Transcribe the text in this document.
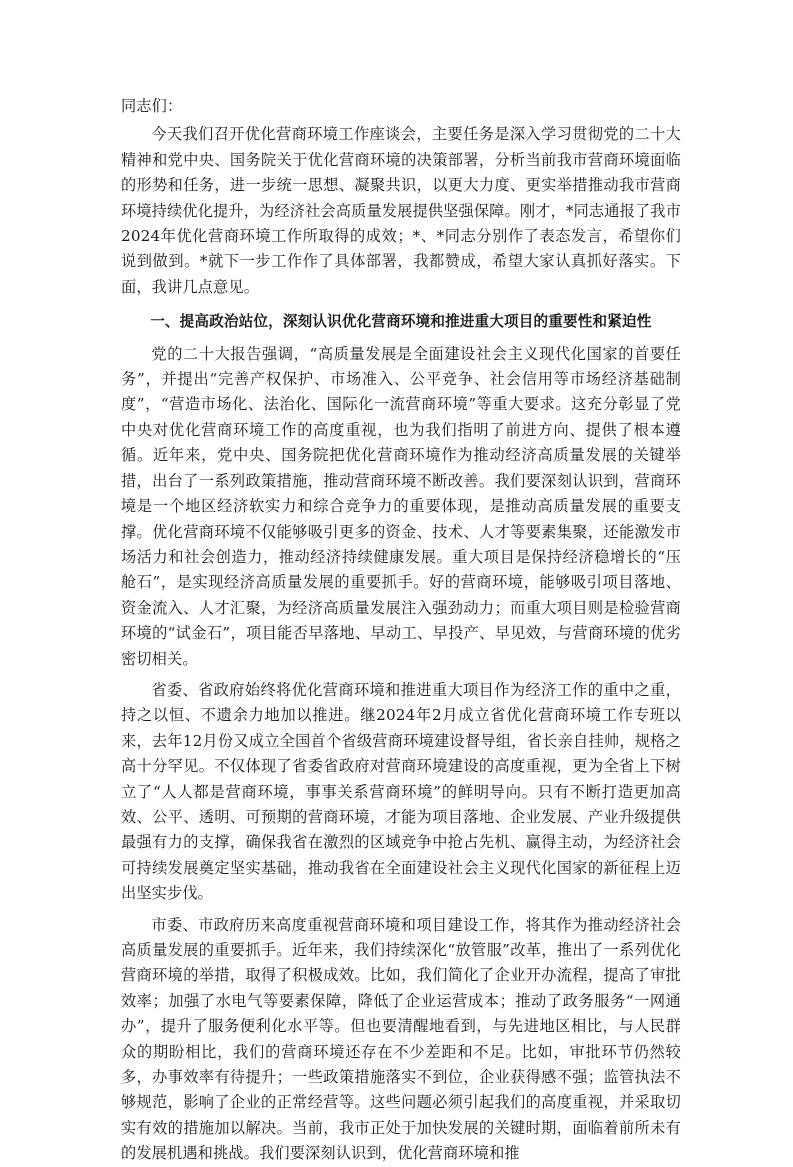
同志们：

今天我们召开优化营商环境工作座谈会，主要任务是深入学习贯彻党的二十大精神和党中央、国务院关于优化营商环境的决策部署，分析当前我市营商环境面临的形势和任务，进一步统一思想、凝聚共识，以更大力度、更实举措推动我市营商环境持续优化提升，为经济社会高质量发展提供坚强保障。刚才，*同志通报了我市2024年优化营商环境工作所取得的成效；*、*同志分别作了表态发言，希望你们说到做到。*就下一步工作作了具体部署，我都赞成，希望大家认真抓好落实。下面，我讲几点意见。

一、提高政治站位，深刻认识优化营商环境和推进重大项目的重要性和紧迫性

党的二十大报告强调，“高质量发展是全面建设社会主义现代化国家的首要任务”，并提出“完善产权保护、市场准入、公平竞争、社会信用等市场经济基础制度”，“营造市场化、法治化、国际化一流营商环境”等重大要求。这充分彰显了党中央对优化营商环境工作的高度重视，也为我们指明了前进方向、提供了根本遵循。近年来，党中央、国务院把优化营商环境作为推动经济高质量发展的关键举措，出台了一系列政策措施，推动营商环境不断改善。我们要深刻认识到，营商环境是一个地区经济软实力和综合竞争力的重要体现，是推动高质量发展的重要支撑。优化营商环境不仅能够吸引更多的资金、技术、人才等要素集聚，还能激发市场活力和社会创造力，推动经济持续健康发展。重大项目是保持经济稳增长的“压舱石”，是实现经济高质量发展的重要抓手。好的营商环境，能够吸引项目落地、资金流入、人才汇聚，为经济高质量发展注入强劲动力；而重大项目则是检验营商环境的“试金石”，项目能否早落地、早动工、早投产、早见效，与营商环境的优劣密切相关。

省委、省政府始终将优化营商环境和推进重大项目作为经济工作的重中之重，持之以恒、不遗余力地加以推进。继2024年2月成立省优化营商环境工作专班以来，去年12月份又成立全国首个省级营商环境建设督导组，省长亲自挂帅，规格之高十分罕见。不仅体现了省委省政府对营商环境建设的高度重视，更为全省上下树立了“人人都是营商环境，事事关系营商环境”的鲜明导向。只有不断打造更加高效、公平、透明、可预期的营商环境，才能为项目落地、企业发展、产业升级提供最强有力的支撑，确保我省在激烈的区域竞争中抢占先机、赢得主动，为经济社会可持续发展奠定坚实基础，推动我省在全面建设社会主义现代化国家的新征程上迈出坚实步伐。

市委、市政府历来高度重视营商环境和项目建设工作，将其作为推动经济社会高质量发展的重要抓手。近年来，我们持续深化“放管服”改革，推出了一系列优化营商环境的举措，取得了积极成效。比如，我们简化了企业开办流程，提高了审批效率；加强了水电气等要素保障，降低了企业运营成本；推动了政务服务“一网通办”，提升了服务便利化水平等。但也要清醒地看到，与先进地区相比，与人民群众的期盼相比，我们的营商环境还存在不少差距和不足。比如，审批环节仍然较多，办事效率有待提升；一些政策措施落实不到位，企业获得感不强；监管执法不够规范，影响了企业的正常经营等。这些问题必须引起我们的高度重视，并采取切实有效的措施加以解决。当前，我市正处于加快发展的关键时期，面临着前所未有的发展机遇和挑战。我们要深刻认识到，优化营商环境和推
